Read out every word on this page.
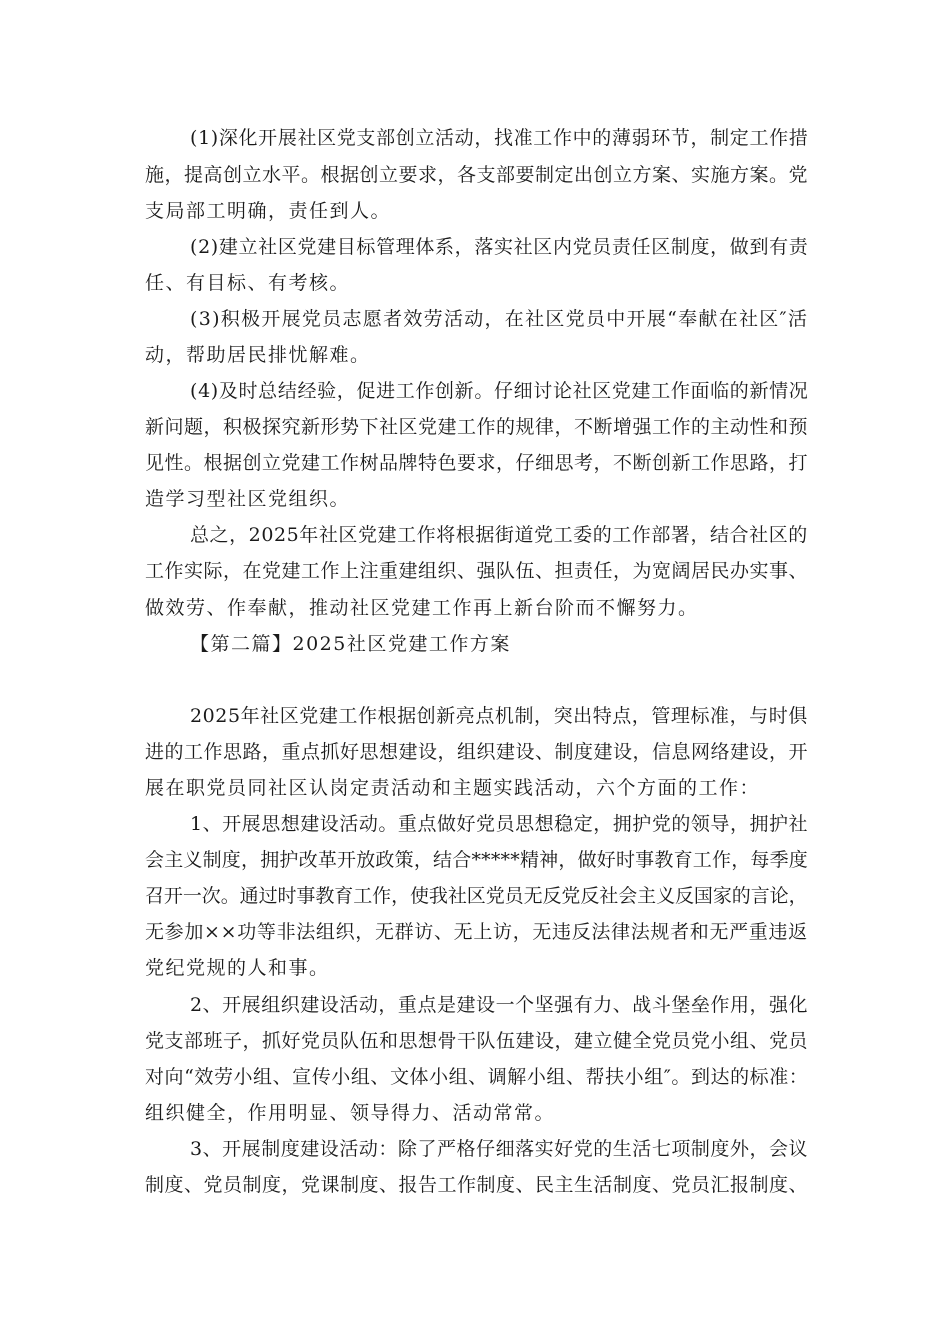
(1)深化开展社区党支部创立活动，找准工作中的薄弱环节，制定工作措

施，提高创立水平。根据创立要求，各支部要制定出创立方案、实施方案。党

支局部工明确，责任到人。

(2)建立社区党建目标管理体系，落实社区内党员责任区制度，做到有责

任、有目标、有考核。

(3)积极开展党员志愿者效劳活动，在社区党员中开展“奉献在社区″活

动，帮助居民排忧解难。

(4)及时总结经验，促进工作创新。仔细讨论社区党建工作面临的新情况

新问题，积极探究新形势下社区党建工作的规律，不断增强工作的主动性和预

见性。根据创立党建工作树品牌特色要求，仔细思考，不断创新工作思路，打

造学习型社区党组织。

总之，2025年社区党建工作将根据街道党工委的工作部署，结合社区的

工作实际，在党建工作上注重建组织、强队伍、担责任，为宽阔居民办实事、

做效劳、作奉献，推动社区党建工作再上新台阶而不懈努力。

【第二篇】2025社区党建工作方案

2025年社区党建工作根据创新亮点机制，突出特点，管理标准，与时俱

进的工作思路，重点抓好思想建设，组织建设、制度建设，信息网络建设，开

展在职党员同社区认岗定责活动和主题实践活动，六个方面的工作：

1、开展思想建设活动。重点做好党员思想稳定，拥护党的领导，拥护社

会主义制度，拥护改革开放政策，结合*****精神，做好时事教育工作，每季度

召开一次。通过时事教育工作，使我社区党员无反党反社会主义反国家的言论，

无参加××功等非法组织，无群访、无上访，无违反法律法规者和无严重违返

党纪党规的人和事。

2、开展组织建设活动，重点是建设一个坚强有力、战斗堡垒作用，强化

党支部班子，抓好党员队伍和思想骨干队伍建设，建立健全党员党小组、党员

对向“效劳小组、宣传小组、文体小组、调解小组、帮扶小组″。到达的标准：

组织健全，作用明显、领导得力、活动常常。

3、开展制度建设活动：除了严格仔细落实好党的生活七项制度外，会议

制度、党员制度，党课制度、报告工作制度、民主生活制度、党员汇报制度、
